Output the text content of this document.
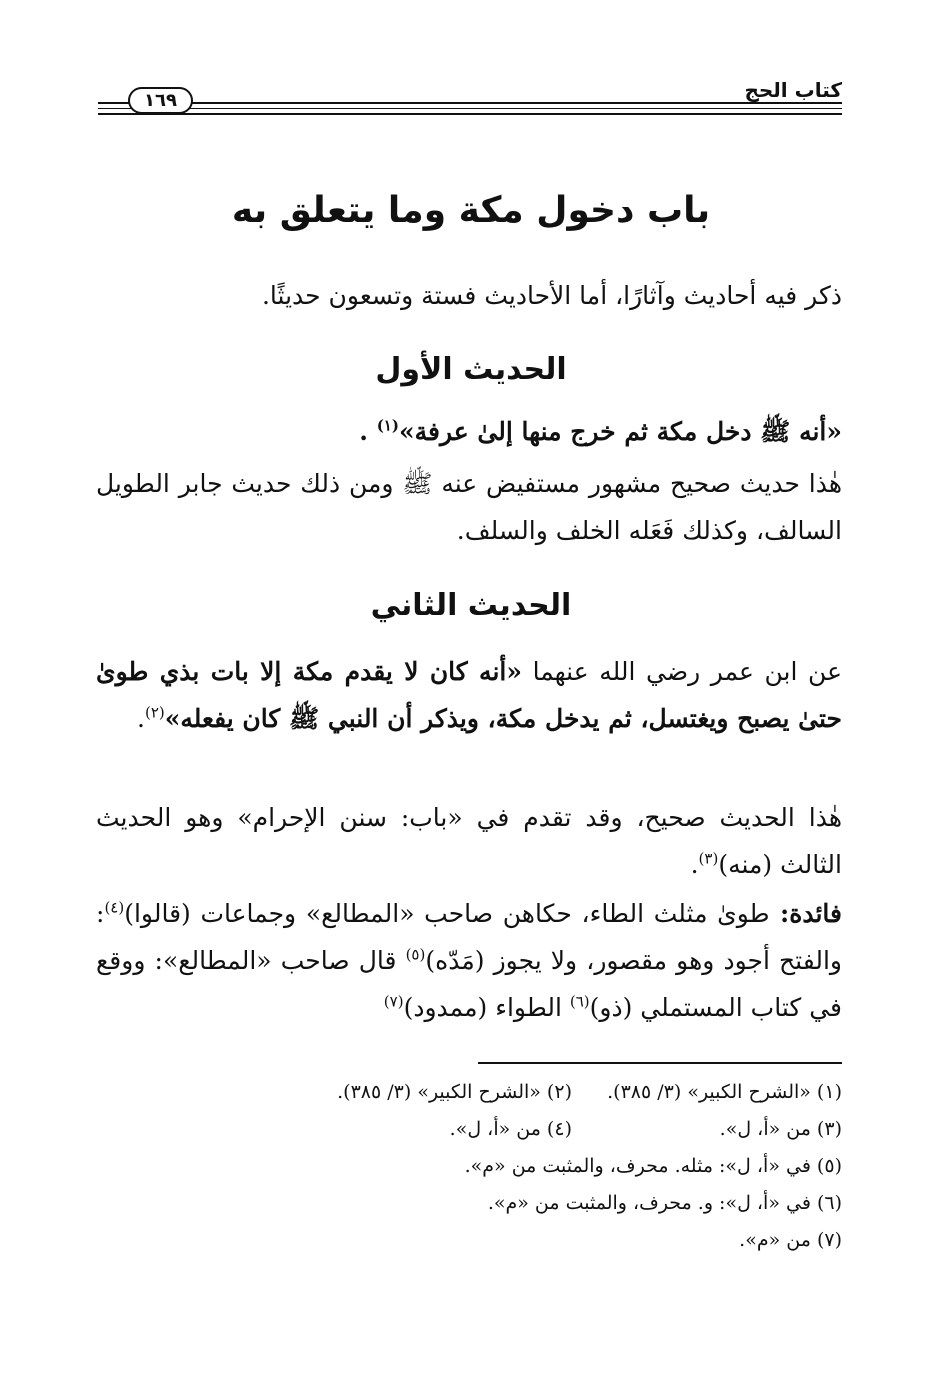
كتاب الحج
١٦٩
باب دخول مكة وما يتعلق به
ذكر فيه أحاديث وآثارًا، أما الأحاديث فستة وتسعون حديثًا.
الحديث الأول
«أنه ﷺ دخل مكة ثم خرج منها إلىٰ عرفة»$^{(١)}$ .
هٰذا حديث صحيح مشهور مستفيض عنه ﷺ ومن ذلك حديث جابر الطويل السالف، وكذلك فَعَله الخلف والسلف.
الحديث الثاني
عن ابن عمر رضي الله عنهما «أنه كان لا يقدم مكة إلا بات بذي طوىٰ حتىٰ يصبح ويغتسل، ثم يدخل مكة، ويذكر أن النبي ﷺ كان يفعله»$^{(٢)}$.
هٰذا الحديث صحيح، وقد تقدم في «باب: سنن الإحرام» وهو الحديث الثالث (منه)$^{(٣)}$.
فائدة: طوىٰ مثلث الطاء، حكاهن صاحب «المطالع» وجماعات (قالوا)$^{(٤)}$: والفتح أجود وهو مقصور، ولا يجوز (مَدّه)$^{(٥)}$ قال صاحب «المطالع»: ووقع في كتاب المستملي (ذو)$^{(٦)}$ الطواء (ممدود)$^{(٧)}$
(١) «الشرح الكبير» (٣/ ٣٨٥).
(٢) «الشرح الكبير» (٣/ ٣٨٥).
(٣) من «أ، ل».
(٤) من «أ، ل».
(٥) في «أ، ل»: مثله. محرف، والمثبت من «م».
(٦) في «أ، ل»: و. محرف، والمثبت من «م».
(٧) من «م».
